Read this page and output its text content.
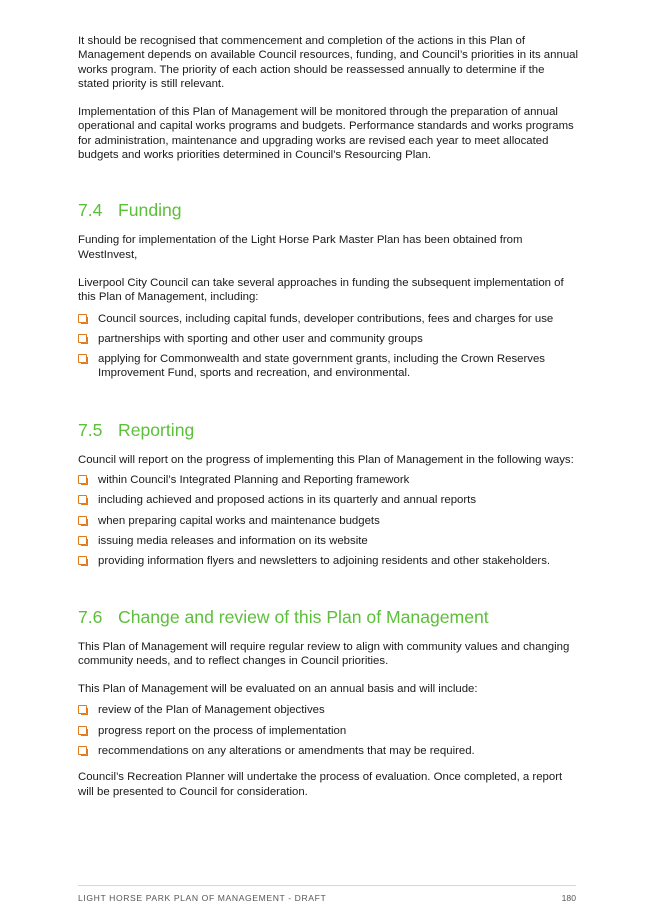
It should be recognised that commencement and completion of the actions in this Plan of Management depends on available Council resources, funding, and Council’s priorities in its annual works program. The priority of each action should be reassessed annually to determine if the stated priority is still relevant.

Implementation of this Plan of Management will be monitored through the preparation of annual operational and capital works programs and budgets. Performance standards and works programs for administration, maintenance and upgrading works are revised each year to meet allocated budgets and works priorities determined in Council’s Resourcing Plan.

7.4 Funding

Funding for implementation of the Light Horse Park Master Plan has been obtained from WestInvest,

Liverpool City Council can take several approaches in funding the subsequent implementation of this Plan of Management, including:

Council sources, including capital funds, developer contributions, fees and charges for use
partnerships with sporting and other user and community groups
applying for Commonwealth and state government grants, including the Crown Reserves Improvement Fund, sports and recreation, and environmental.
7.5 Reporting

Council will report on the progress of implementing this Plan of Management in the following ways:

within Council’s Integrated Planning and Reporting framework
including achieved and proposed actions in its quarterly and annual reports
when preparing capital works and maintenance budgets
issuing media releases and information on its website
providing information flyers and newsletters to adjoining residents and other stakeholders.
7.6 Change and review of this Plan of Management

This Plan of Management will require regular review to align with community values and changing community needs, and to reflect changes in Council priorities.

This Plan of Management will be evaluated on an annual basis and will include:

review of the Plan of Management objectives
progress report on the process of implementation
recommendations on any alterations or amendments that may be required.

Council’s Recreation Planner will undertake the process of evaluation. Once completed, a report will be presented to Council for consideration.

LIGHT HORSE PARK PLAN OF MANAGEMENT - DRAFT	180
